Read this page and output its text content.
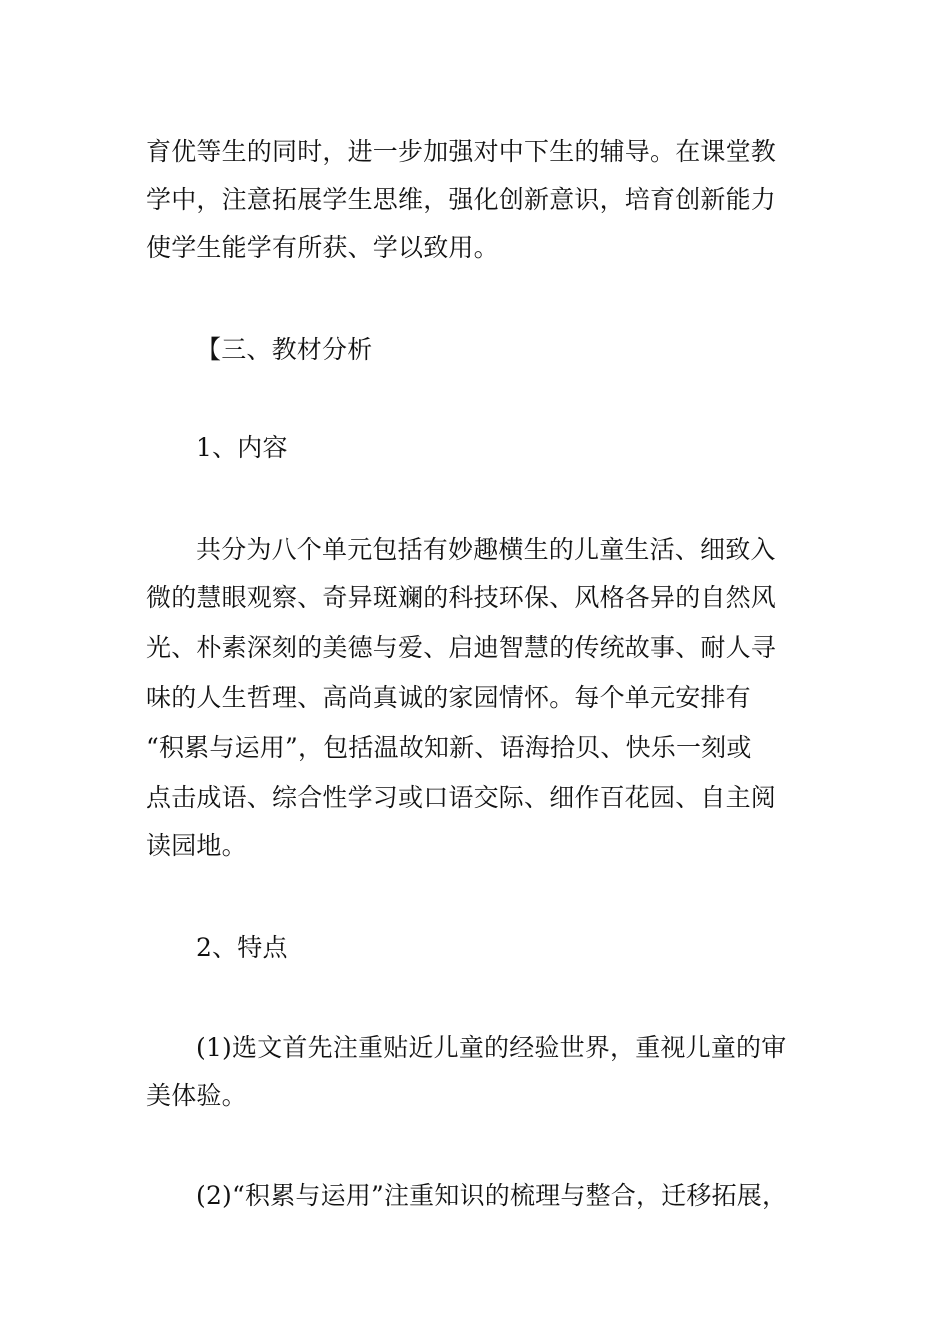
育优等生的同时，进一步加强对中下生的辅导。在课堂教

学中，注意拓展学生思维，强化创新意识，培育创新能力

使学生能学有所获、学以致用。

【三、教材分析

1、内容

共分为八个单元包括有妙趣横生的儿童生活、细致入

微的慧眼观察、奇异斑斓的科技环保、风格各异的自然风

光、朴素深刻的美德与爱、启迪智慧的传统故事、耐人寻

味的人生哲理、高尚真诚的家园情怀。每个单元安排有

“积累与运用”，包括温故知新、语海拾贝、快乐一刻或

点击成语、综合性学习或口语交际、细作百花园、自主阅

读园地。

2、特点

(1)选文首先注重贴近儿童的经验世界，重视儿童的审

美体验。

(2)“积累与运用”注重知识的梳理与整合，迁移拓展，
